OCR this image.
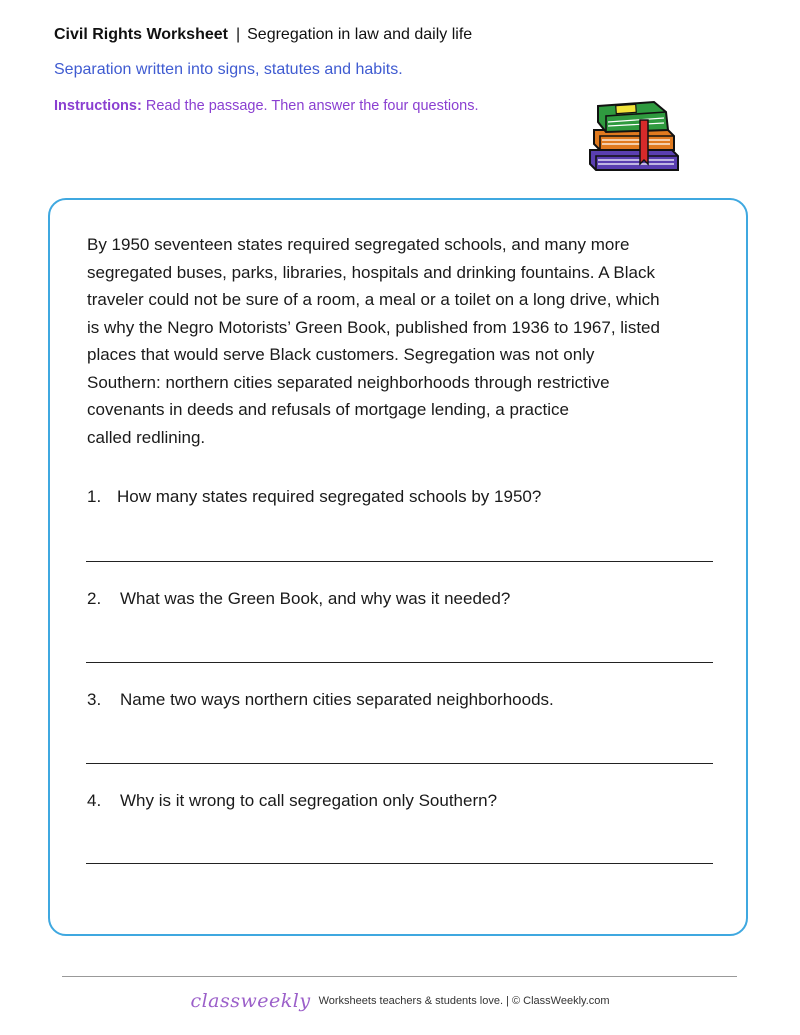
Civil Rights Worksheet | Segregation in law and daily life
Separation written into signs, statutes and habits.
Instructions: Read the passage. Then answer the four questions.
By 1950 seventeen states required segregated schools, and many more
segregated buses, parks, libraries, hospitals and drinking fountains. A Black
traveler could not be sure of a room, a meal or a toilet on a long drive, which
is why the Negro Motorists’ Green Book, published from 1936 to 1967, listed
places that would serve Black customers. Segregation was not only
Southern: northern cities separated neighborhoods through restrictive
covenants in deeds and refusals of mortgage lending, a practice
called redlining.
1. How many states required segregated schools by 1950?
2. What was the Green Book, and why was it needed?
3. Name two ways northern cities separated neighborhoods.
4. Why is it wrong to call segregation only Southern?
classweekly Worksheets teachers & students love. | © ClassWeekly.com
